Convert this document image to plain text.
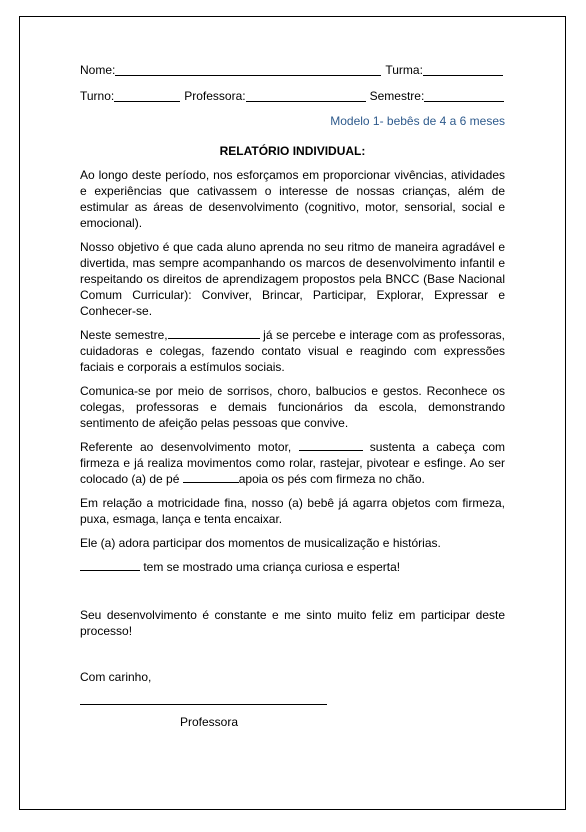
Nome:	Turma:
Turno:	Professora:	Semestre:
Modelo 1- bebês de 4 a 6 meses
RELATÓRIO INDIVIDUAL:

Ao longo deste período, nos esforçamos em proporcionar vivências, atividades e experiências que cativassem o interesse de nossas crianças, além de estimular as áreas de desenvolvimento (cognitivo, motor, sensorial, social e emocional).

Nosso objetivo é que cada aluno aprenda no seu ritmo de maneira agradável e divertida, mas sempre acompanhando os marcos de desenvolvimento infantil e respeitando os direitos de aprendizagem propostos pela BNCC (Base Nacional Comum Curricular): Conviver, Brincar, Participar, Explorar, Expressar e Conhecer-se.

Neste semestre,	já se percebe e interage com as professoras, cuidadoras e colegas, fazendo contato visual e reagindo com expressões faciais e corporais a estímulos sociais.

Comunica-se por meio de sorrisos, choro, balbucios e gestos. Reconhece os colegas, professoras e demais funcionários da escola, demonstrando sentimento de afeição pelas pessoas que convive.

Referente ao desenvolvimento motor,	sustenta a cabeça com firmeza e já realiza movimentos como rolar, rastejar, pivotear e esfinge. Ao ser colocado (a) de pé	apoia os pés com firmeza no chão.

Em relação a motricidade fina, nosso (a) bebê já agarra objetos com firmeza, puxa, esmaga, lança e tenta encaixar.

Ele (a) adora participar dos momentos de musicalização e histórias.

tem se mostrado uma criança curiosa e esperta!

Seu desenvolvimento é constante e me sinto muito feliz em participar deste processo!

Com carinho,
Professora
